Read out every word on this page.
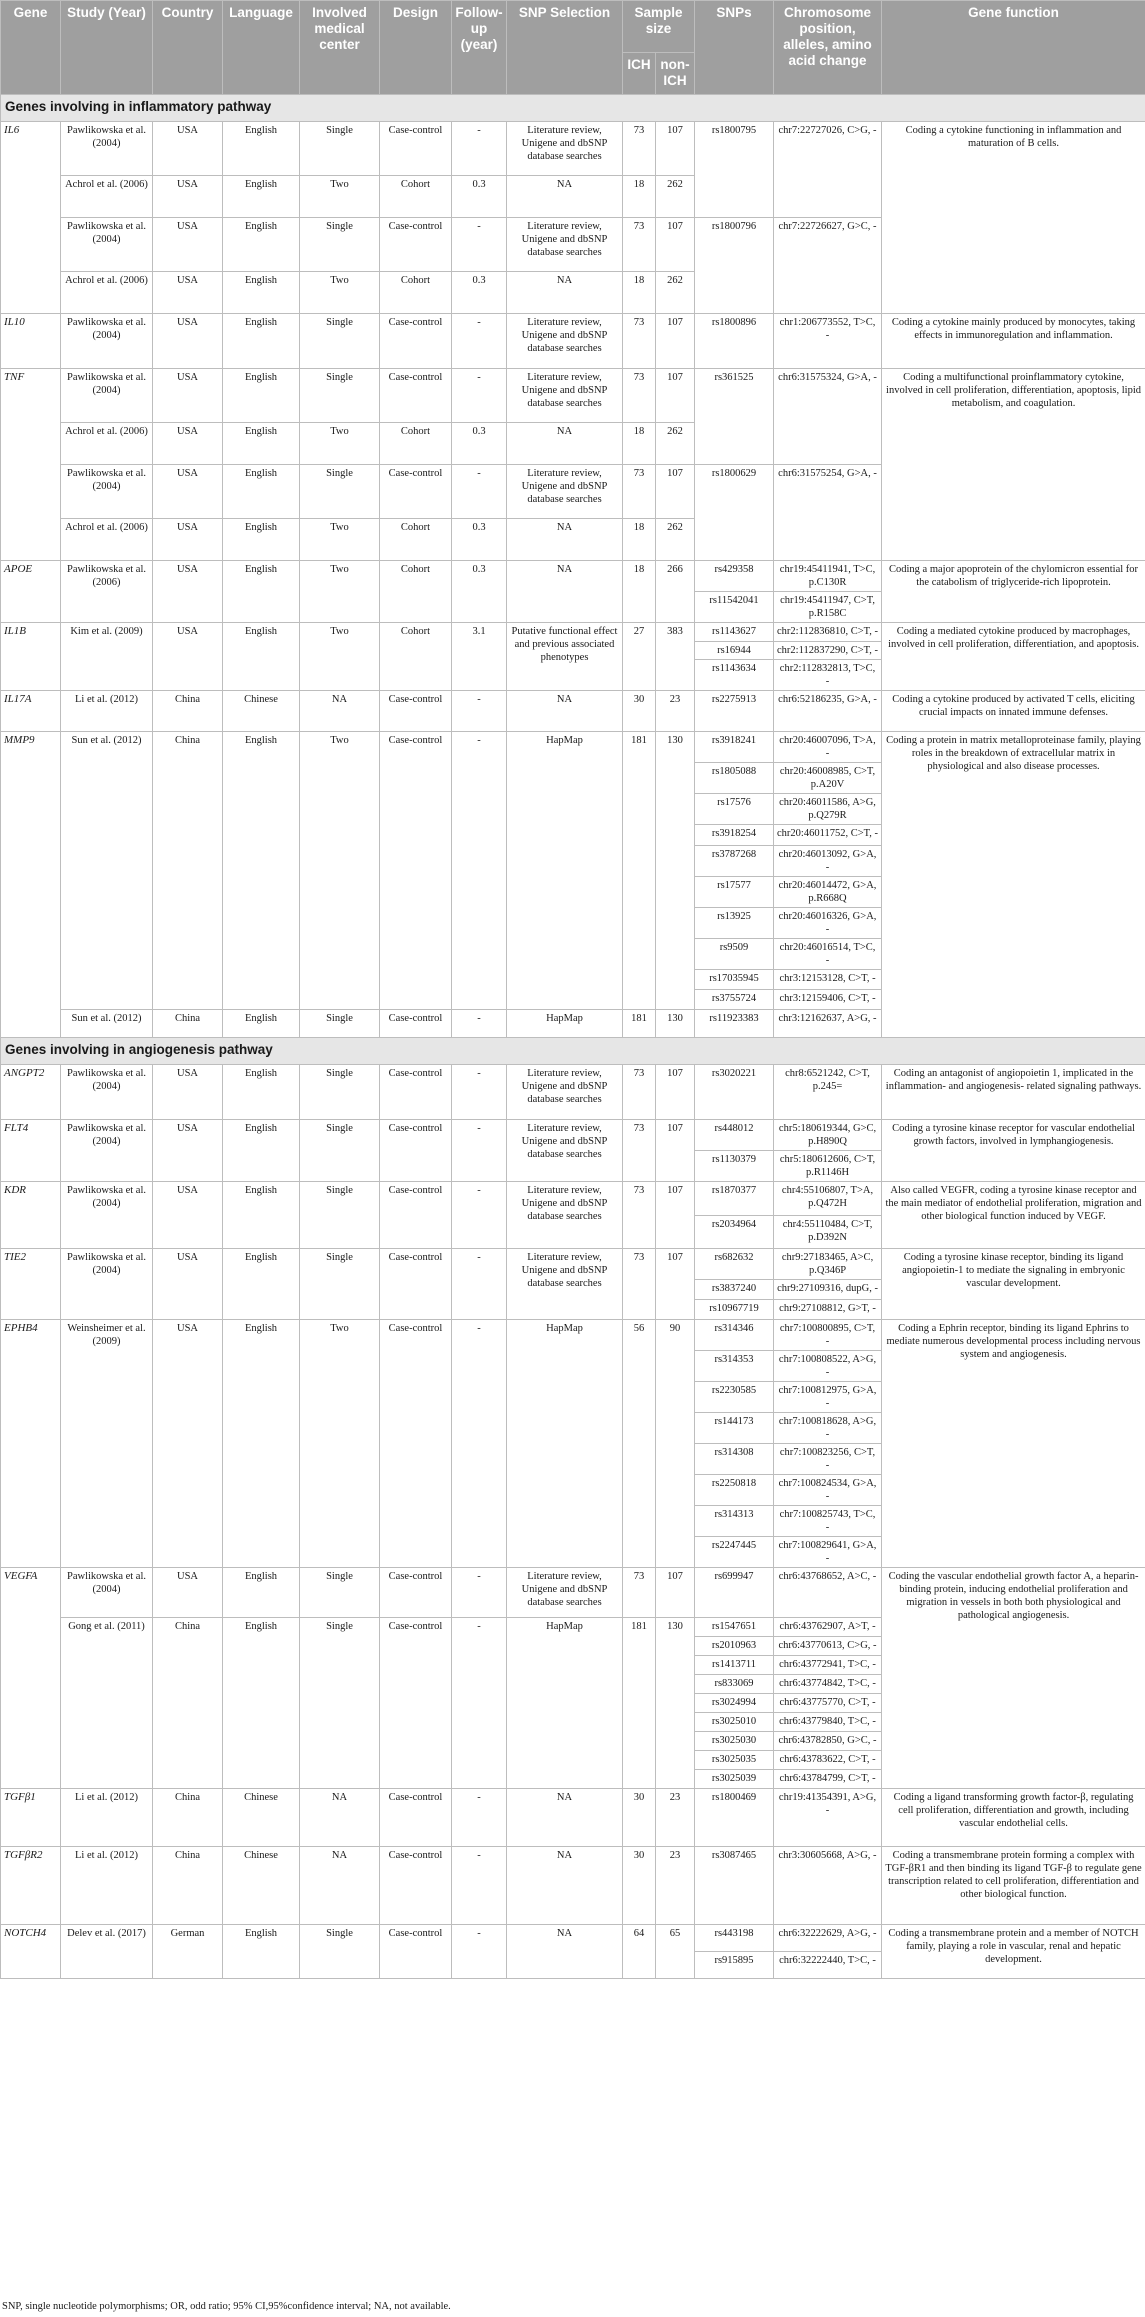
Gene	Study (Year)	Country	Language	Involved medical center	Design	Follow-up (year)	SNP Selection	Sample size		SNPs	Chromosome position, alleles, amino acid change	Gene function
								ICH	non-ICH			
Genes involving in inflammatory pathway												
IL6	Pawlikowska et al. (2004)	USA	English	Single	Case-control	-	Literature review, Unigene and dbSNP database searches	73	107	rs1800795	chr7:22727026, C>G, -	Coding a cytokine functioning in inflammation and maturation of B cells.
	Achrol et al. (2006)	USA	English	Two	Cohort	0.3	NA	18	262			
	Pawlikowska et al. (2004)	USA	English	Single	Case-control	-	Literature review, Unigene and dbSNP database searches	73	107	rs1800796	chr7:22726627, G>C, -	
	Achrol et al. (2006)	USA	English	Two	Cohort	0.3	NA	18	262			
IL10	Pawlikowska et al. (2004)	USA	English	Single	Case-control	-	Literature review, Unigene and dbSNP database searches	73	107	rs1800896	chr1:206773552, T>C, -	Coding a cytokine mainly produced by monocytes, taking effects in immunoregulation and inflammation.
TNF	Pawlikowska et al. (2004)	USA	English	Single	Case-control	-	Literature review, Unigene and dbSNP database searches	73	107	rs361525	chr6:31575324, G>A, -	Coding a multifunctional proinflammatory cytokine, involved in cell proliferation, differentiation, apoptosis, lipid metabolism, and coagulation.
	Achrol et al. (2006)	USA	English	Two	Cohort	0.3	NA	18	262			
	Pawlikowska et al. (2004)	USA	English	Single	Case-control	-	Literature review, Unigene and dbSNP database searches	73	107	rs1800629	chr6:31575254, G>A, -	
	Achrol et al. (2006)	USA	English	Two	Cohort	0.3	NA	18	262			
APOE	Pawlikowska et al. (2006)	USA	English	Two	Cohort	0.3	NA	18	266	rs429358	chr19:45411941, T>C, p.C130R	Coding a major apoprotein of the chylomicron essential for the catabolism of triglyceride-rich lipoprotein.
										rs11542041	chr19:45411947, C>T, p.R158C	
IL1B	Kim et al. (2009)	USA	English	Two	Cohort	3.1	Putative functional effect and previous associated phenotypes	27	383	rs1143627	chr2:112836810, C>T, -	Coding a mediated cytokine produced by macrophages, involved in cell proliferation, differentiation, and apoptosis.
										rs16944	chr2:112837290, C>T, -	
										rs1143634	chr2:112832813, T>C, -	
IL17A	Li et al. (2012)	China	Chinese	NA	Case-control	-	NA	30	23	rs2275913	chr6:52186235, G>A, -	Coding a cytokine produced by activated T cells, eliciting crucial impacts on innated immune defenses.
MMP9	Sun et al. (2012)	China	English	Two	Case-control	-	HapMap	181	130	rs3918241	chr20:46007096, T>A, -	Coding a protein in matrix metalloproteinase family, playing roles in the breakdown of extracellular matrix in physiological and also disease processes.
										rs1805088	chr20:46008985, C>T, p.A20V	
										rs17576	chr20:46011586, A>G, p.Q279R	
										rs3918254	chr20:46011752, C>T, -	
										rs3787268	chr20:46013092, G>A, -	
										rs17577	chr20:46014472, G>A, p.R668Q	
										rs13925	chr20:46016326, G>A, -	
										rs9509	chr20:46016514, T>C, -	
										rs17035945	chr3:12153128, C>T, -	
										rs3755724	chr3:12159406, C>T, -	
	Sun et al. (2012)	China	English	Single	Case-control	-	HapMap	181	130	rs11923383	chr3:12162637, A>G, -	
Genes involving in angiogenesis pathway												
ANGPT2	Pawlikowska et al. (2004)	USA	English	Single	Case-control	-	Literature review, Unigene and dbSNP database searches	73	107	rs3020221	chr8:6521242, C>T, p.245=	Coding an antagonist of angiopoietin 1, implicated in the inflammation- and angiogenesis- related signaling pathways.
FLT4	Pawlikowska et al. (2004)	USA	English	Single	Case-control	-	Literature review, Unigene and dbSNP database searches	73	107	rs448012	chr5:180619344, G>C, p.H890Q	Coding a tyrosine kinase receptor for vascular endothelial growth factors, involved in lymphangiogenesis.
										rs1130379	chr5:180612606, C>T, p.R1146H	
KDR	Pawlikowska et al. (2004)	USA	English	Single	Case-control	-	Literature review, Unigene and dbSNP database searches	73	107	rs1870377	chr4:55106807, T>A, p.Q472H	Also called VEGFR, coding a tyrosine kinase receptor and the main mediator of endothelial proliferation, migration and other biological function induced by VEGF.
										rs2034964	chr4:55110484, C>T, p.D392N	
TIE2	Pawlikowska et al. (2004)	USA	English	Single	Case-control	-	Literature review, Unigene and dbSNP database searches	73	107	rs682632	chr9:27183465, A>C, p.Q346P	Coding a tyrosine kinase receptor, binding its ligand angiopoietin-1 to mediate the signaling in embryonic vascular development.
										rs3837240	chr9:27109316, dupG, -	
										rs10967719	chr9:27108812, G>T, -	
EPHB4	Weinsheimer et al. (2009)	USA	English	Two	Case-control	-	HapMap	56	90	rs314346	chr7:100800895, C>T, -	Coding a Ephrin receptor, binding its ligand Ephrins to mediate numerous developmental process including nervous system and angiogenesis.
										rs314353	chr7:100808522, A>G, -	
										rs2230585	chr7:100812975, G>A, -	
										rs144173	chr7:100818628, A>G, -	
										rs314308	chr7:100823256, C>T, -	
										rs2250818	chr7:100824534, G>A, -	
										rs314313	chr7:100825743, T>C, -	
										rs2247445	chr7:100829641, G>A, -	
VEGFA	Pawlikowska et al. (2004)	USA	English	Single	Case-control	-	Literature review, Unigene and dbSNP database searches	73	107	rs699947	chr6:43768652, A>C, -	Coding the vascular endothelial growth factor A, a heparin-binding protein, inducing endothelial proliferation and migration in vessels in both both physiological and pathological angiogenesis.
	Gong et al. (2011)	China	English	Single	Case-control	-	HapMap	181	130	rs1547651	chr6:43762907, A>T, -	
										rs2010963	chr6:43770613, C>G, -	
										rs1413711	chr6:43772941, T>C, -	
										rs833069	chr6:43774842, T>C, -	
										rs3024994	chr6:43775770, C>T, -	
										rs3025010	chr6:43779840, T>C, -	
										rs3025030	chr6:43782850, G>C, -	
										rs3025035	chr6:43783622, C>T, -	
										rs3025039	chr6:43784799, C>T, -	
TGFβ1	Li et al. (2012)	China	Chinese	NA	Case-control	-	NA	30	23	rs1800469	chr19:41354391, A>G, -	Coding a ligand transforming growth factor-β, regulating cell proliferation, differentiation and growth, including vascular endothelial cells.
TGFβR2	Li et al. (2012)	China	Chinese	NA	Case-control	-	NA	30	23	rs3087465	chr3:30605668, A>G, -	Coding a transmembrane protein forming a complex with TGF-βR1 and then binding its ligand TGF-β to regulate gene transcription related to cell proliferation, differentiation and other biological function.
NOTCH4	Delev et al. (2017)	German	English	Single	Case-control	-	NA	64	65	rs443198	chr6:32222629, A>G, -	Coding a transmembrane protein and a member of NOTCH family, playing a role in vascular, renal and hepatic development.
										rs915895	chr6:32222440, T>C, -	
SNP, single nucleotide polymorphisms; OR, odd ratio; 95% CI,95%confidence interval; NA, not available.
